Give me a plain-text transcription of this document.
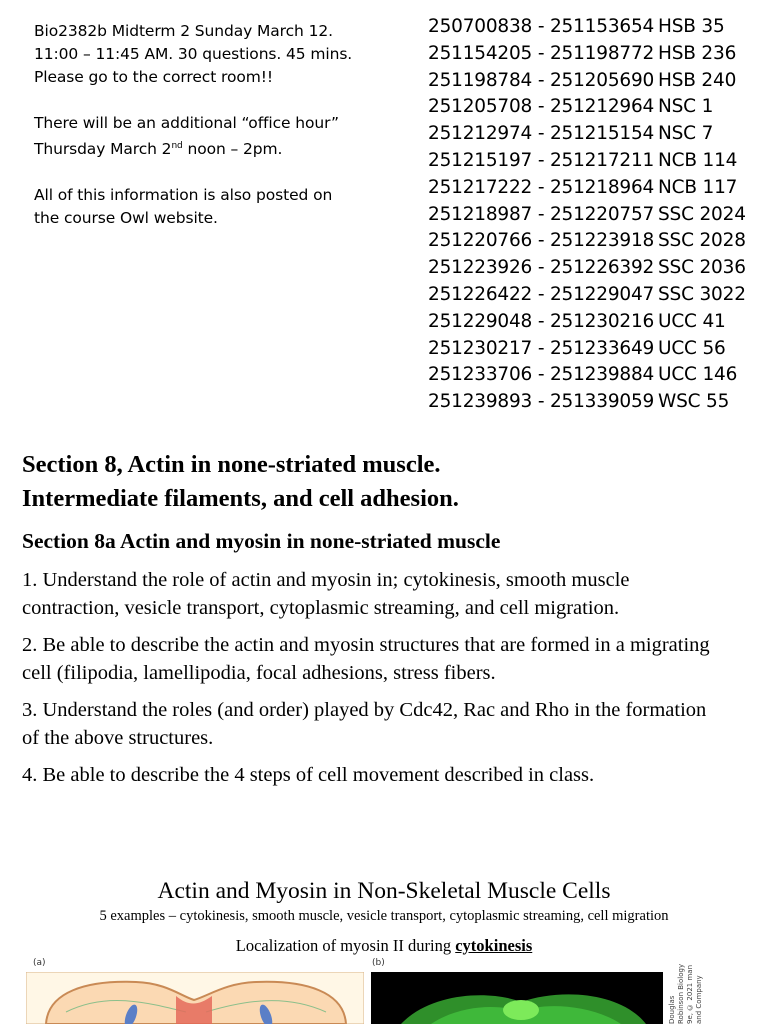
Bio2382b Midterm 2 Sunday March 12.
11:00 – 11:45 AM. 30 questions. 45 mins.
Please go to the correct room!!

There will be an additional “office hour”
Thursday March 2nd noon – 2pm.

All of this information is also posted on
the course Owl website.

250700838 - 251153654 HSB 35
251154205 - 251198772 HSB 236
251198784 - 251205690 HSB 240
251205708 - 251212964 NSC 1
251212974 - 251215154 NSC 7
251215197 - 251217211 NCB 114
251217222 - 251218964 NCB 117
251218987 - 251220757 SSC 2024
251220766 - 251223918 SSC 2028
251223926 - 251226392 SSC 2036
251226422 - 251229047 SSC 3022
251229048 - 251230216 UCC 41
251230217 - 251233649 UCC 56
251233706 - 251239884 UCC 146
251239893 - 251339059 WSC 55
Section 8, Actin in none-striated muscle.
Intermediate filaments, and cell adhesion.
Section 8a Actin and myosin in none-striated muscle

1. Understand the role of actin and myosin in; cytokinesis, smooth muscle contraction, vesicle transport, cytoplasmic streaming, and cell migration.

2. Be able to describe the actin and myosin structures that are formed in a migrating cell (filipodia, lamellipodia, focal adhesions, stress fibers.

3. Understand the roles (and order) played by Cdc42, Rac and Rho in the formation of the above structures.

4. Be able to describe the 4 steps of cell movement described in class.

Actin and Myosin in Non-Skeletal Muscle Cells
5 examples – cytokinesis, smooth muscle, vesicle transport, cytoplasmic streaming, cell migration
Localization of myosin II during cytokinesis
(a)	(b)
Douglas Robinson Biology 9e, © 2021 man and Company
